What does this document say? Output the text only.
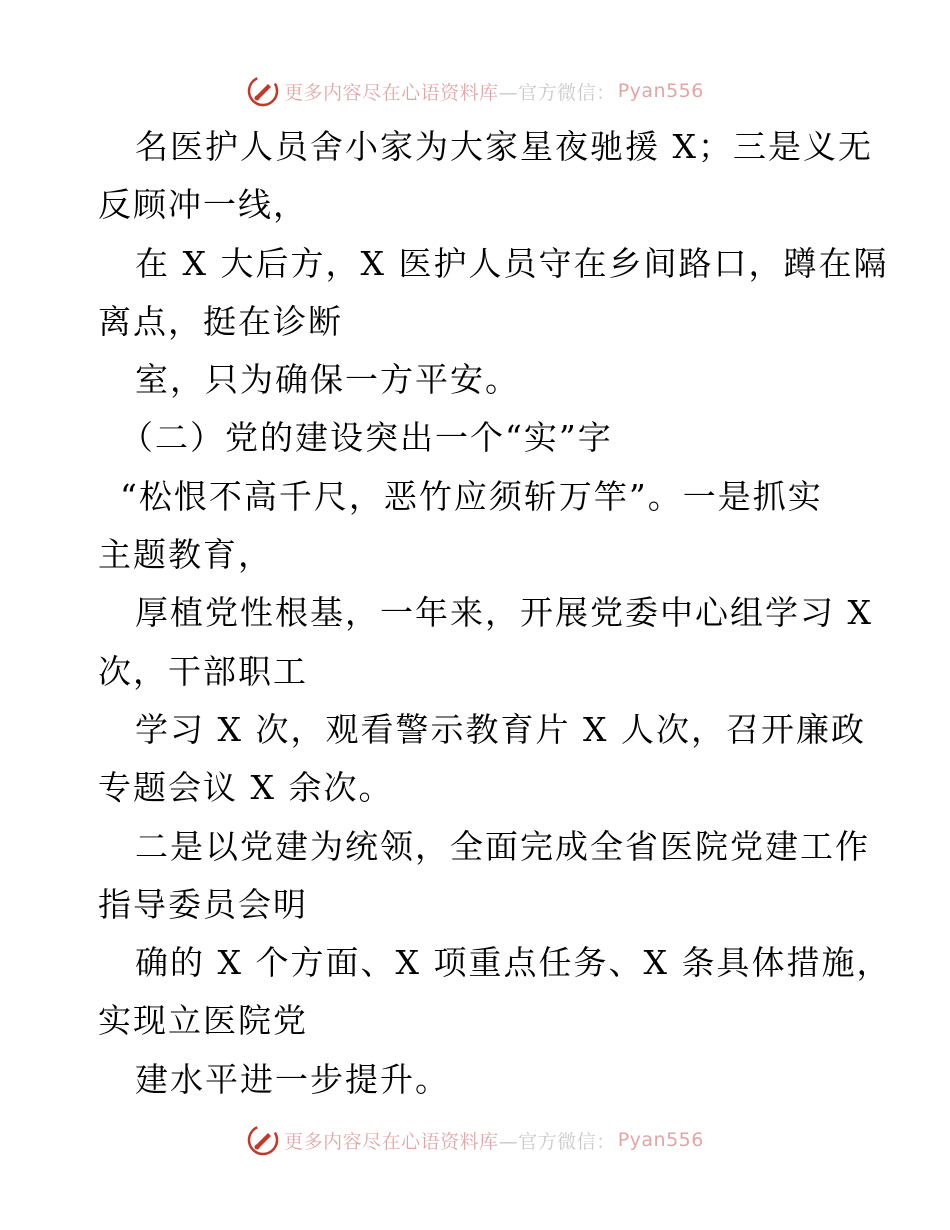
更多内容尽在心语资料库 —官方微信： Pyan556
名医护人员舍小家为大家星夜驰援 X；三是义无
反顾冲一线，
在 X 大后方，X 医护人员守在乡间路口，蹲在隔
离点，挺在诊断
室，只为确保一方平安。
（二）党的建设突出一个“实”字
“松恨不高千尺，恶竹应须斩万竿”。一是抓实
主题教育，
厚植党性根基，一年来，开展党委中心组学习 X
次，干部职工
学习 X 次，观看警示教育片 X 人次，召开廉政
专题会议 X 余次。
二是以党建为统领，全面完成全省医院党建工作
指导委员会明
确的 X 个方面、X 项重点任务、X 条具体措施，
实现立医院党
建水平进一步提升。
更多内容尽在心语资料库 —官方微信： Pyan556
